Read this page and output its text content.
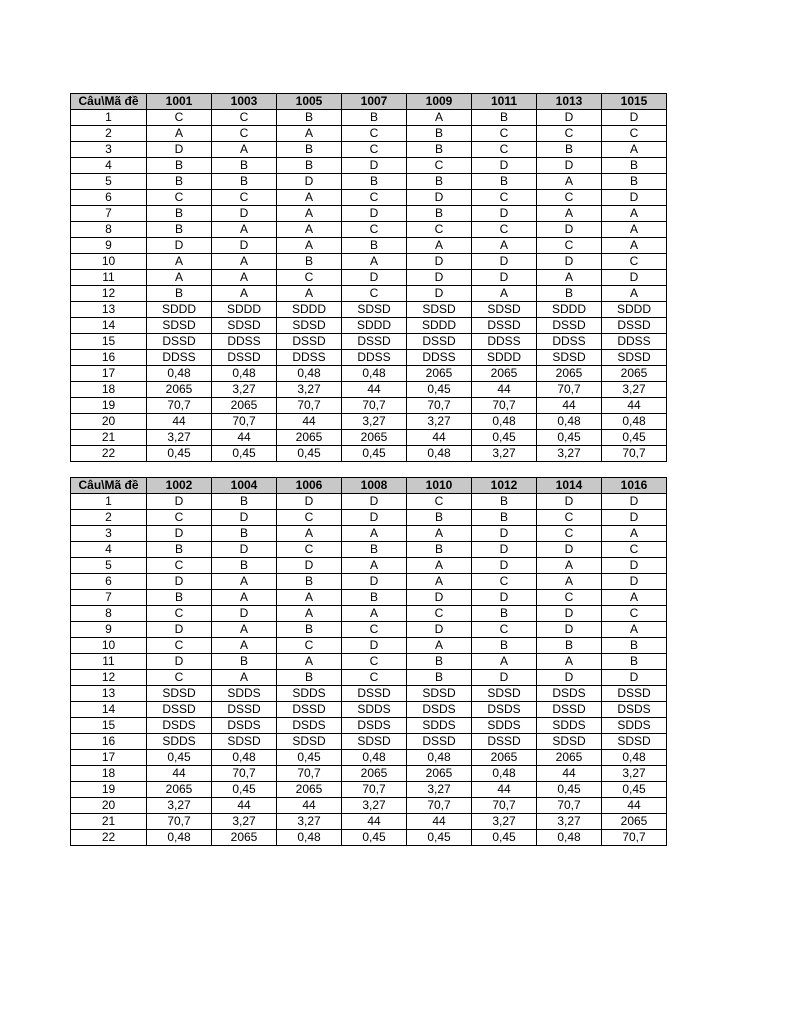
Câu\Mã đề	1001	1003	1005	1007	1009	1011	1013	1015
1	C	C	B	B	A	B	D	D
2	A	C	A	C	B	C	C	C
3	D	A	B	C	B	C	B	A
4	B	B	B	D	C	D	D	B
5	B	B	D	B	B	B	A	B
6	C	C	A	C	D	C	C	D
7	B	D	A	D	B	D	A	A
8	B	A	A	C	C	C	D	A
9	D	D	A	B	A	A	C	A
10	A	A	B	A	D	D	D	C
11	A	A	C	D	D	D	A	D
12	B	A	A	C	D	A	B	A
13	SDDD	SDDD	SDDD	SDSD	SDSD	SDSD	SDDD	SDDD
14	SDSD	SDSD	SDSD	SDDD	SDDD	DSSD	DSSD	DSSD
15	DSSD	DDSS	DSSD	DSSD	DSSD	DDSS	DDSS	DDSS
16	DDSS	DSSD	DDSS	DDSS	DDSS	SDDD	SDSD	SDSD
17	0,48	0,48	0,48	0,48	2065	2065	2065	2065
18	2065	3,27	3,27	44	0,45	44	70,7	3,27
19	70,7	2065	70,7	70,7	70,7	70,7	44	44
20	44	70,7	44	3,27	3,27	0,48	0,48	0,48
21	3,27	44	2065	2065	44	0,45	0,45	0,45
22	0,45	0,45	0,45	0,45	0,48	3,27	3,27	70,7
Câu\Mã đề	1002	1004	1006	1008	1010	1012	1014	1016
1	D	B	D	D	C	B	D	D
2	C	D	C	D	B	B	C	D
3	D	B	A	A	A	D	C	A
4	B	D	C	B	B	D	D	C
5	C	B	D	A	A	D	A	D
6	D	A	B	D	A	C	A	D
7	B	A	A	B	D	D	C	A
8	C	D	A	A	C	B	D	C
9	D	A	B	C	D	C	D	A
10	C	A	C	D	A	B	B	B
11	D	B	A	C	B	A	A	B
12	C	A	B	C	B	D	D	D
13	SDSD	SDDS	SDDS	DSSD	SDSD	SDSD	DSDS	DSSD
14	DSSD	DSSD	DSSD	SDDS	DSDS	DSDS	DSSD	DSDS
15	DSDS	DSDS	DSDS	DSDS	SDDS	SDDS	SDDS	SDDS
16	SDDS	SDSD	SDSD	SDSD	DSSD	DSSD	SDSD	SDSD
17	0,45	0,48	0,45	0,48	0,48	2065	2065	0,48
18	44	70,7	70,7	2065	2065	0,48	44	3,27
19	2065	0,45	2065	70,7	3,27	44	0,45	0,45
20	3,27	44	44	3,27	70,7	70,7	70,7	44
21	70,7	3,27	3,27	44	44	3,27	3,27	2065
22	0,48	2065	0,48	0,45	0,45	0,45	0,48	70,7
